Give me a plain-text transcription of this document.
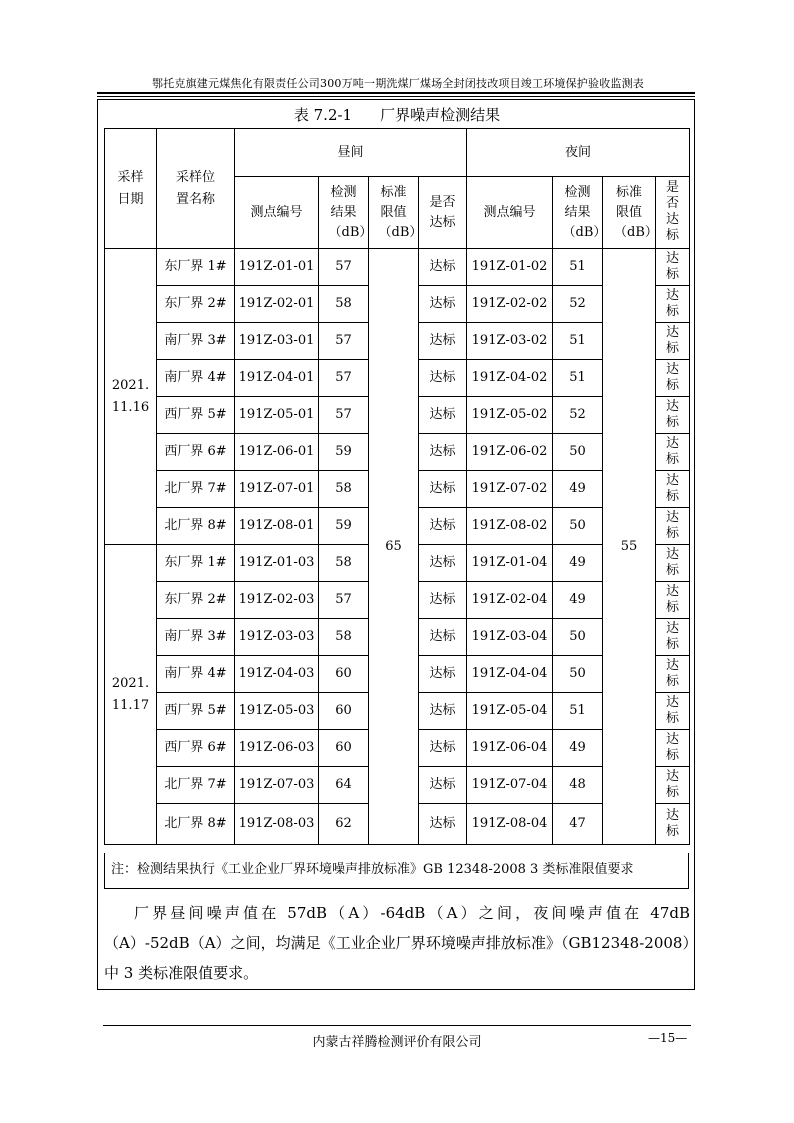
鄂托克旗建元煤焦化有限责任公司300万吨一期洗煤厂煤场全封闭技改项目竣工环境保护验收监测表
表 7.2-1 厂界噪声检测结果
采样日期	采样位置名称	昼间				夜间			
		测点编号	检测结果（dB）	标准限值（dB）	是否达标	测点编号	检测结果（dB）	标准限值（dB）	是否达标
2021.11.16	东厂界 1#	191Z-01-01	57	65	达标	191Z-01-02	51	55	达标
	东厂界 2#	191Z-02-01	58		达标	191Z-02-02	52		达标
	南厂界 3#	191Z-03-01	57		达标	191Z-03-02	51		达标
	南厂界 4#	191Z-04-01	57		达标	191Z-04-02	51		达标
	西厂界 5#	191Z-05-01	57		达标	191Z-05-02	52		达标
	西厂界 6#	191Z-06-01	59		达标	191Z-06-02	50		达标
	北厂界 7#	191Z-07-01	58		达标	191Z-07-02	49		达标
	北厂界 8#	191Z-08-01	59		达标	191Z-08-02	50		达标
2021.11.17	东厂界 1#	191Z-01-03	58		达标	191Z-01-04	49		达标
	东厂界 2#	191Z-02-03	57		达标	191Z-02-04	49		达标
	南厂界 3#	191Z-03-03	58		达标	191Z-03-04	50		达标
	南厂界 4#	191Z-04-03	60		达标	191Z-04-04	50		达标
	西厂界 5#	191Z-05-03	60		达标	191Z-05-04	51		达标
	西厂界 6#	191Z-06-03	60		达标	191Z-06-04	49		达标
	北厂界 7#	191Z-07-03	64		达标	191Z-07-04	48		达标
	北厂界 8#	191Z-08-03	62		达标	191Z-08-04	47		达标
注：检测结果执行《工业企业厂界环境噪声排放标准》GB 12348-2008 3 类标准限值要求
厂界昼间噪声值在 57dB（A）-64dB（A）之间，夜间噪声值在 47dB（A）-52dB（A）之间，均满足《工业企业厂界环境噪声排放标准》（GB12348-2008）中 3 类标准限值要求。
内蒙古祥腾检测评价有限公司	—15—
